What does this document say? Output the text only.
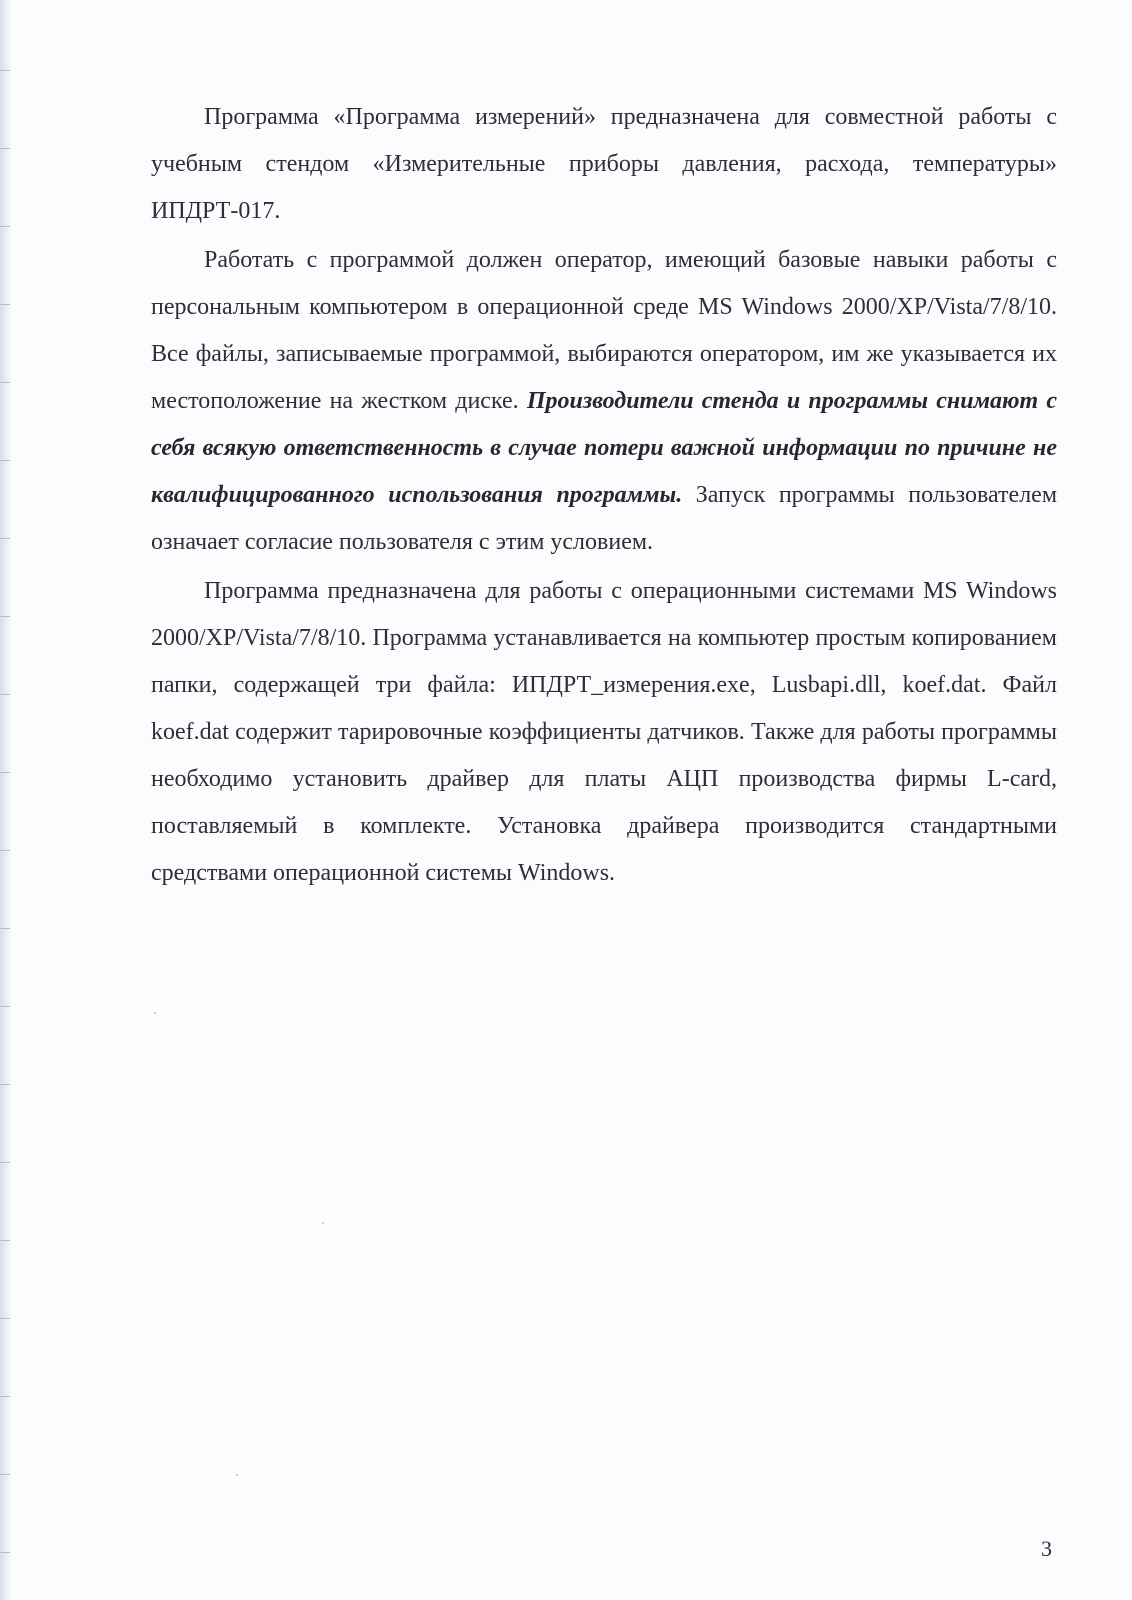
Программа «Программа измерений» предназначена для совместной работы с учебным стендом «Измерительные приборы давления, расхода, температуры» ИПДРТ-017.

Работать с программой должен оператор, имеющий базовые навыки работы с персональным компьютером в операционной среде MS Windows 2000/XP/Vista/7/8/10. Все файлы, записываемые программой, выбираются оператором, им же указывается их местоположение на жестком диске. Производители стенда и программы снимают с себя всякую ответственность в случае потери важной информации по причине не квалифицированного использования программы. Запуск программы пользователем означает согласие пользователя с этим условием.

Программа предназначена для работы с операционными системами MS Windows 2000/XP/Vista/7/8/10. Программа устанавливается на компьютер простым копированием папки, содержащей три файла: ИПДРТ_измерения.exe, Lusbapi.dll, koef.dat. Файл koef.dat содержит тарировочные коэффициенты датчиков. Также для работы программы необходимо установить драйвер для платы АЦП производства фирмы L-card, поставляемый в комплекте. Установка драйвера производится стандартными средствами операционной системы Windows.

3
